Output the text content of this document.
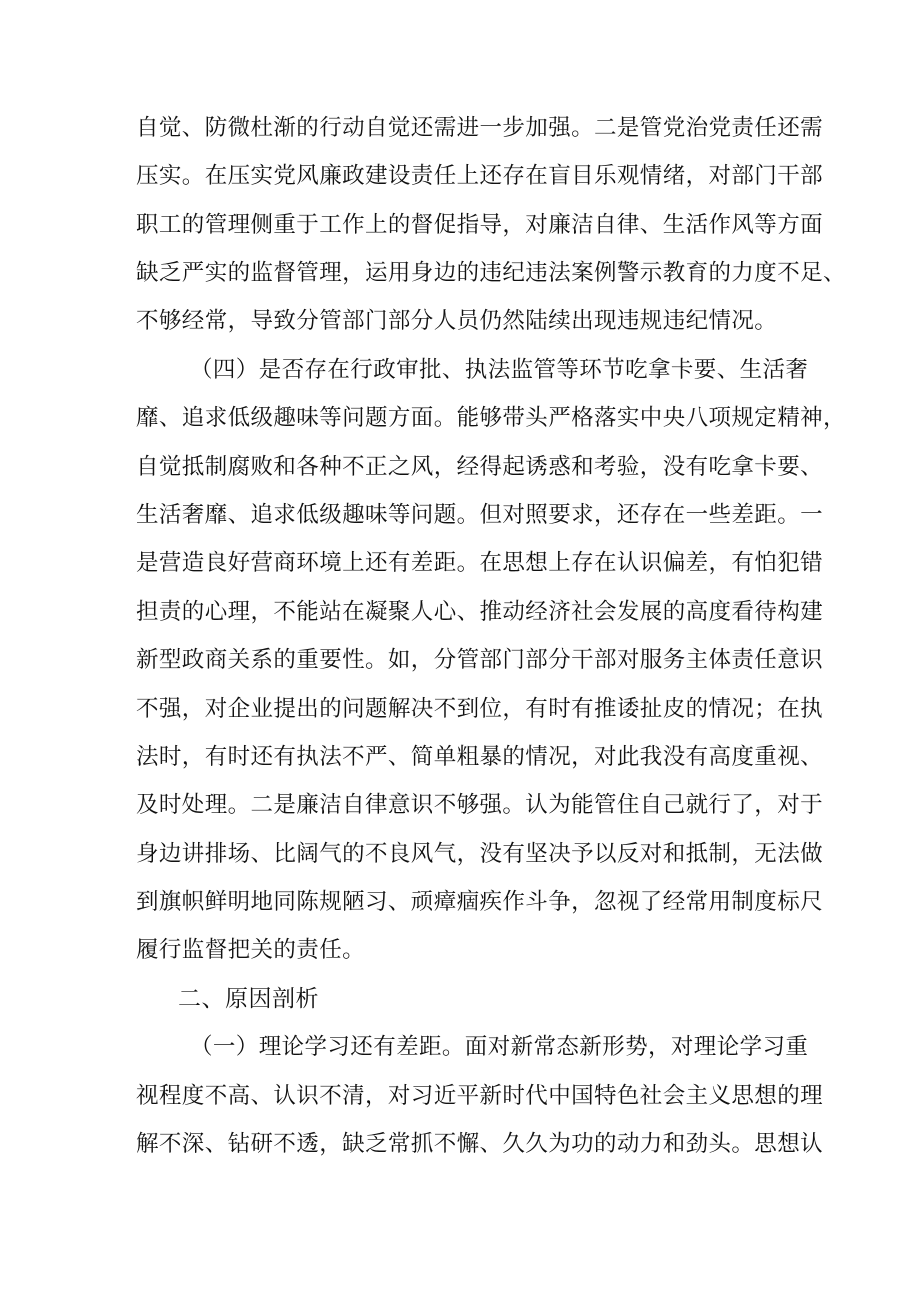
自觉、防微杜渐的行动自觉还需进一步加强。二是管党治党责任还需
压实。在压实党风廉政建设责任上还存在盲目乐观情绪，对部门干部
职工的管理侧重于工作上的督促指导，对廉洁自律、生活作风等方面
缺乏严实的监督管理，运用身边的违纪违法案例警示教育的力度不足、
不够经常，导致分管部门部分人员仍然陆续出现违规违纪情况。
（四）是否存在行政审批、执法监管等环节吃拿卡要、生活奢
靡、追求低级趣味等问题方面。能够带头严格落实中央八项规定精神，
自觉抵制腐败和各种不正之风，经得起诱惑和考验，没有吃拿卡要、
生活奢靡、追求低级趣味等问题。但对照要求，还存在一些差距。一
是营造良好营商环境上还有差距。在思想上存在认识偏差，有怕犯错
担责的心理，不能站在凝聚人心、推动经济社会发展的高度看待构建
新型政商关系的重要性。如，分管部门部分干部对服务主体责任意识
不强，对企业提出的问题解决不到位，有时有推诿扯皮的情况；在执
法时，有时还有执法不严、简单粗暴的情况，对此我没有高度重视、
及时处理。二是廉洁自律意识不够强。认为能管住自己就行了，对于
身边讲排场、比阔气的不良风气，没有坚决予以反对和抵制，无法做
到旗帜鲜明地同陈规陋习、顽瘴痼疾作斗争，忽视了经常用制度标尺
履行监督把关的责任。
二、原因剖析
（一）理论学习还有差距。面对新常态新形势，对理论学习重
视程度不高、认识不清，对习近平新时代中国特色社会主义思想的理
解不深、钻研不透，缺乏常抓不懈、久久为功的动力和劲头。思想认
